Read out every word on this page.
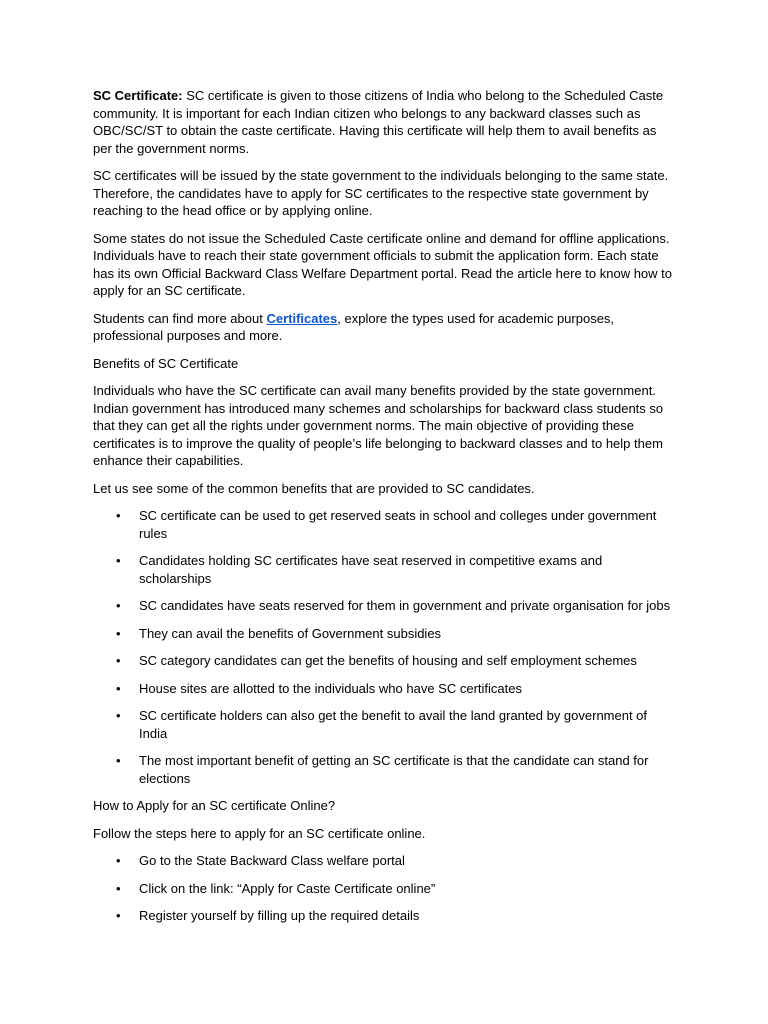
SC Certificate: SC certificate is given to those citizens of India who belong to the Scheduled Caste community. It is important for each Indian citizen who belongs to any backward classes such as OBC/SC/ST to obtain the caste certificate. Having this certificate will help them to avail benefits as per the government norms.

SC certificates will be issued by the state government to the individuals belonging to the same state. Therefore, the candidates have to apply for SC certificates to the respective state government by reaching to the head office or by applying online.

Some states do not issue the Scheduled Caste certificate online and demand for offline applications. Individuals have to reach their state government officials to submit the application form. Each state has its own Official Backward Class Welfare Department portal. Read the article here to know how to apply for an SC certificate.

Students can find more about Certificates, explore the types used for academic purposes, professional purposes and more.

Benefits of SC Certificate

Individuals who have the SC certificate can avail many benefits provided by the state government. Indian government has introduced many schemes and scholarships for backward class students so that they can get all the rights under government norms. The main objective of providing these certificates is to improve the quality of people’s life belonging to backward classes and to help them enhance their capabilities.

Let us see some of the common benefits that are provided to SC candidates.

•	SC certificate can be used to get reserved seats in school and colleges under government rules
•	Candidates holding SC certificates have seat reserved in competitive exams and scholarships
•	SC candidates have seats reserved for them in government and private organisation for jobs
•	They can avail the benefits of Government subsidies
•	SC category candidates can get the benefits of housing and self employment schemes
•	House sites are allotted to the individuals who have SC certificates
•	SC certificate holders can also get the benefit to avail the land granted by government of India
•	The most important benefit of getting an SC certificate is that the candidate can stand for elections

How to Apply for an SC certificate Online?

Follow the steps here to apply for an SC certificate online.

•	Go to the State Backward Class welfare portal
•	Click on the link: “Apply for Caste Certificate online”
•	Register yourself by filling up the required details
